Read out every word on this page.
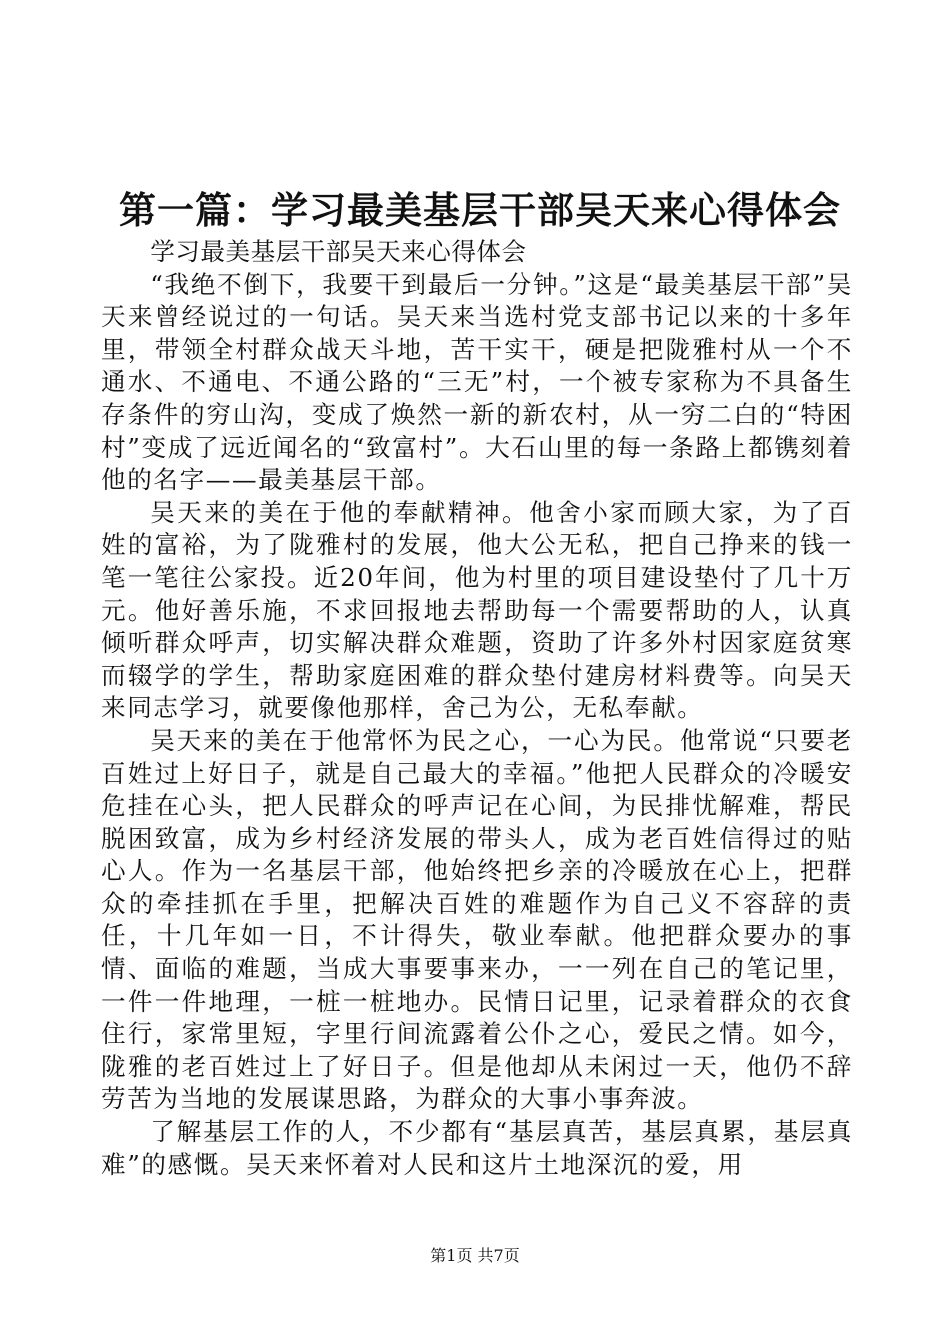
第一篇：学习最美基层干部吴天来心得体会

学习最美基层干部吴天来心得体会

“我绝不倒下，我要干到最后一分钟。”这是“最美基层干部”吴天来曾经说过的一句话。吴天来当选村党支部书记以来的十多年里，带领全村群众战天斗地，苦干实干，硬是把陇雅村从一个不通水、不通电、不通公路的“三无”村，一个被专家称为不具备生存条件的穷山沟，变成了焕然一新的新农村，从一穷二白的“特困村”变成了远近闻名的“致富村”。大石山里的每一条路上都镌刻着他的名字——最美基层干部。

吴天来的美在于他的奉献精神。他舍小家而顾大家，为了百姓的富裕，为了陇雅村的发展，他大公无私，把自己挣来的钱一笔一笔往公家投。近20年间，他为村里的项目建设垫付了几十万元。他好善乐施，不求回报地去帮助每一个需要帮助的人，认真倾听群众呼声，切实解决群众难题，资助了许多外村因家庭贫寒而辍学的学生，帮助家庭困难的群众垫付建房材料费等。向吴天来同志学习，就要像他那样，舍己为公，无私奉献。

吴天来的美在于他常怀为民之心，一心为民。他常说“只要老百姓过上好日子，就是自己最大的幸福。”他把人民群众的冷暖安危挂在心头，把人民群众的呼声记在心间，为民排忧解难，帮民脱困致富，成为乡村经济发展的带头人，成为老百姓信得过的贴心人。作为一名基层干部，他始终把乡亲的冷暖放在心上，把群众的牵挂抓在手里，把解决百姓的难题作为自己义不容辞的责任，十几年如一日，不计得失，敬业奉献。他把群众要办的事情、面临的难题，当成大事要事来办，一一列在自己的笔记里，一件一件地理，一桩一桩地办。民情日记里，记录着群众的衣食住行，家常里短，字里行间流露着公仆之心，爱民之情。如今，陇雅的老百姓过上了好日子。但是他却从未闲过一天，他仍不辞劳苦为当地的发展谋思路，为群众的大事小事奔波。

了解基层工作的人，不少都有“基层真苦，基层真累，基层真难”的感慨。吴天来怀着对人民和这片土地深沉的爱，用

第1页 共7页
